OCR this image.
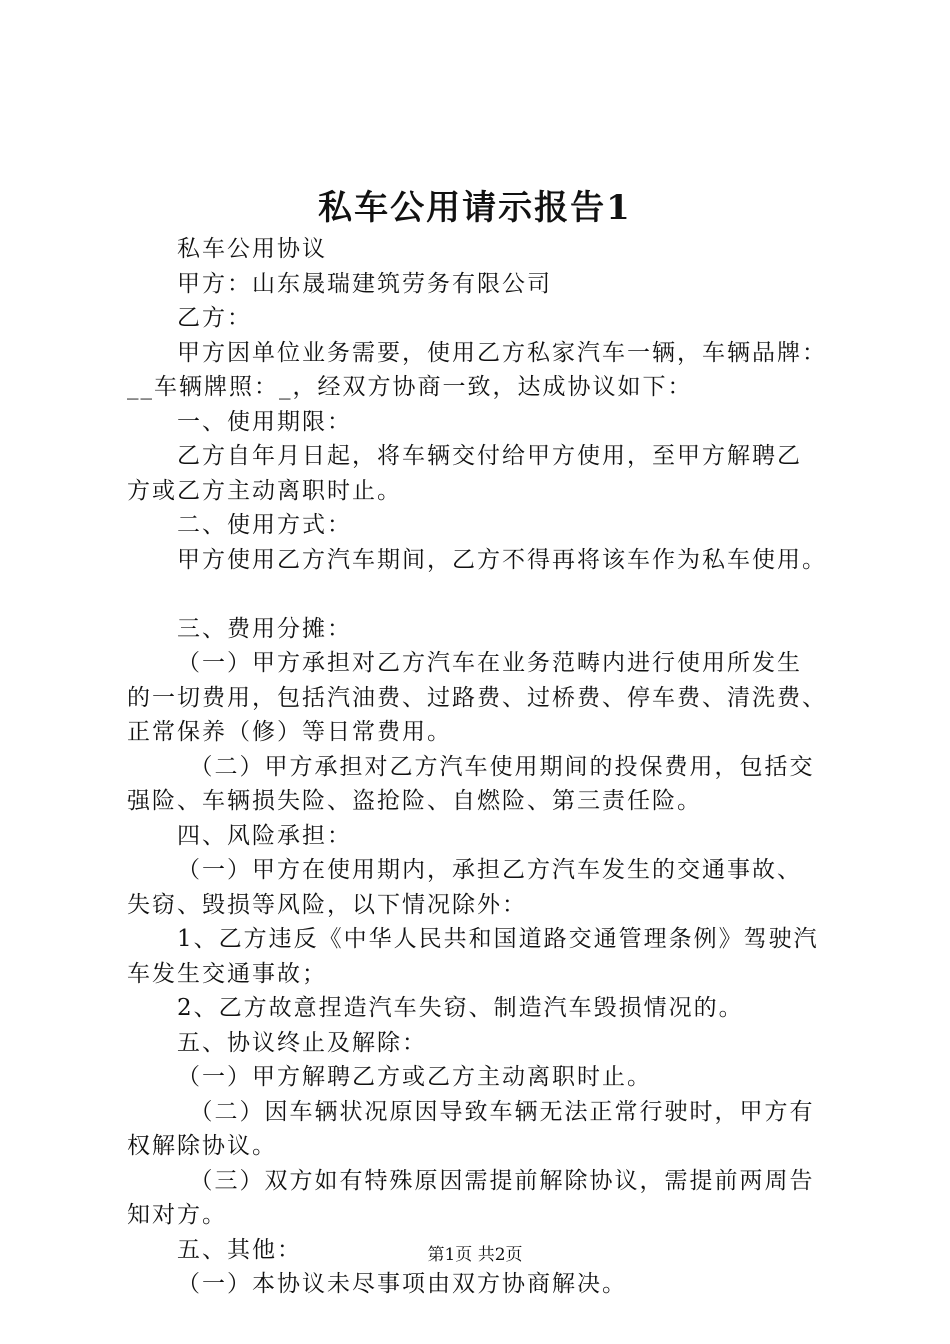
私车公用请示报告1
私车公用协议
甲方：山东晟瑞建筑劳务有限公司
乙方：
甲方因单位业务需要，使用乙方私家汽车一辆，车辆品牌：
__车辆牌照：_，经双方协商一致，达成协议如下：
一、使用期限：
乙方自年月日起，将车辆交付给甲方使用，至甲方解聘乙
方或乙方主动离职时止。
二、使用方式：
甲方使用乙方汽车期间，乙方不得再将该车作为私车使用。
三、费用分摊：
（一）甲方承担对乙方汽车在业务范畴内进行使用所发生
的一切费用，包括汽油费、过路费、过桥费、停车费、清洗费、
正常保养（修）等日常费用。
（二）甲方承担对乙方汽车使用期间的投保费用，包括交
强险、车辆损失险、盗抢险、自燃险、第三责任险。
四、风险承担：
（一）甲方在使用期内，承担乙方汽车发生的交通事故、
失窃、毁损等风险，以下情况除外：
1、乙方违反《中华人民共和国道路交通管理条例》驾驶汽
车发生交通事故；
2、乙方故意捏造汽车失窃、制造汽车毁损情况的。
五、协议终止及解除：
（一）甲方解聘乙方或乙方主动离职时止。
（二）因车辆状况原因导致车辆无法正常行驶时，甲方有
权解除协议。
（三）双方如有特殊原因需提前解除协议，需提前两周告
知对方。
五、其他：
（一）本协议未尽事项由双方协商解决。
第1页 共2页
